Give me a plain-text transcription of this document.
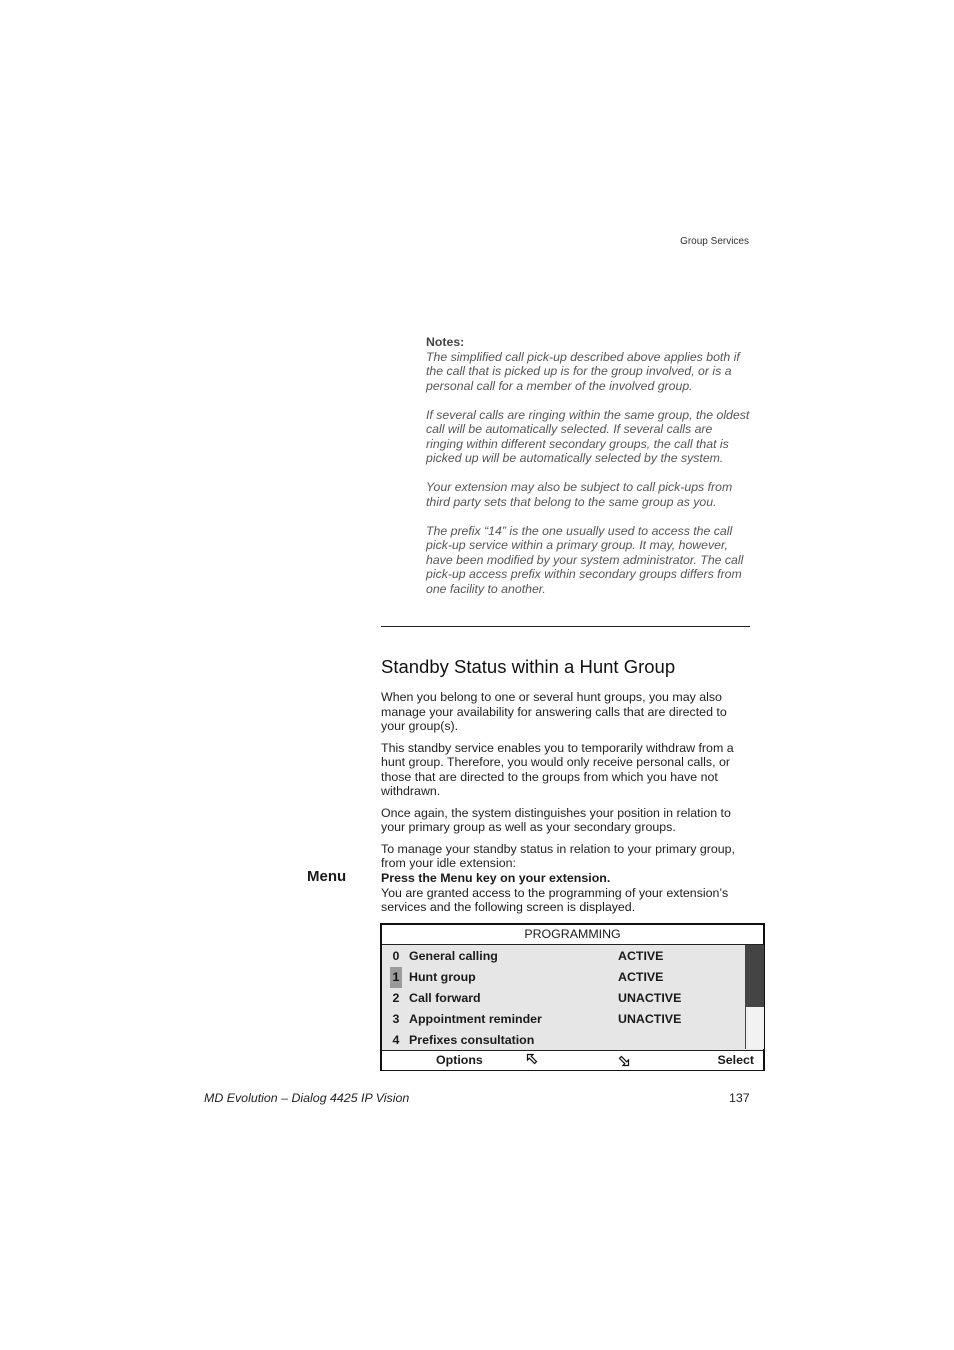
Group Services
Notes:

The simplified call pick-up described above applies both if the call that is picked up is for the group involved, or is a personal call for a member of the involved group.

If several calls are ringing within the same group, the oldest call will be automatically selected. If several calls are ringing within different secondary groups, the call that is picked up will be automatically selected by the system.

Your extension may also be subject to call pick-ups from third party sets that belong to the same group as you.

The prefix “14” is the one usually used to access the call pick-up service within a primary group. It may, however, have been modified by your system administrator. The call pick-up access prefix within secondary groups differs from one facility to another.

Standby Status within a Hunt Group

When you belong to one or several hunt groups, you may also manage your availability for answering calls that are directed to your group(s).

This standby service enables you to temporarily withdraw from a hunt group. Therefore, you would only receive personal calls, or those that are directed to the groups from which you have not withdrawn.

Once again, the system distinguishes your position in relation to your primary group as well as your secondary groups.

To manage your standby status in relation to your primary group, from your idle extension:

Menu	Press the Menu key on your extension.
You are granted access to the programming of your extension’s services and the following screen is displayed.
PROGRAMMING
0 General calling	ACTIVE
1 Hunt group	ACTIVE
2 Call forward	UNACTIVE
3 Appointment reminder	UNACTIVE
4 Prefixes consultation
Options	Select
MD Evolution – Dialog 4425 IP Vision	137
